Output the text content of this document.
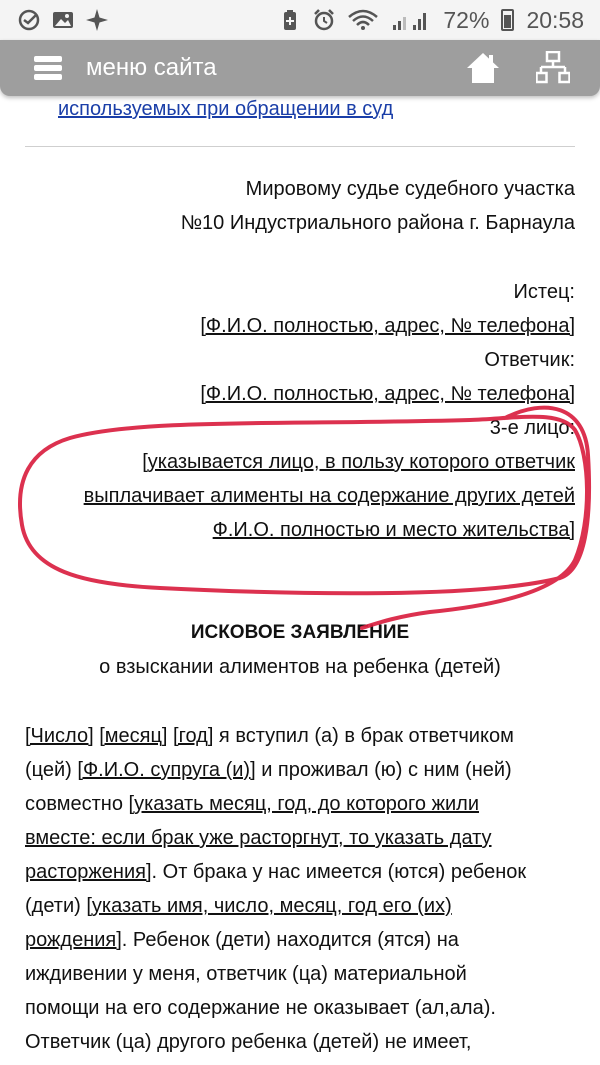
72% 20:58
меню сайта
используемых при обращении в суд
Мировому судье судебного участка
№10 Индустриального района г. Барнаула
Истец:
[Ф.И.О. полностью, адрес, № телефона]
Ответчик:
[Ф.И.О. полностью, адрес, № телефона]
3-е лицо:
[указывается лицо, в пользу которого ответчик
выплачивает алименты на содержание других детей
Ф.И.О. полностью и место жительства]
ИСКОВОЕ ЗАЯВЛЕНИЕ
о взыскании алиментов на ребенка (детей)
[Число] [месяц] [год] я вступил (а) в брак ответчиком
(цей) [Ф.И.О. супруга (и)] и проживал (ю) с ним (ней)
совместно [указать месяц, год, до которого жили
вместе: если брак уже расторгнут, то указать дату
расторжения]. От брака у нас имеется (ются) ребенок
(дети) [указать имя, число, месяц, год его (их)
рождения]. Ребенок (дети) находится (ятся) на
иждивении у меня, ответчик (ца) материальной
помощи на его содержание не оказывает (ал,ала).
Ответчик (ца) другого ребенка (детей) не имеет,
